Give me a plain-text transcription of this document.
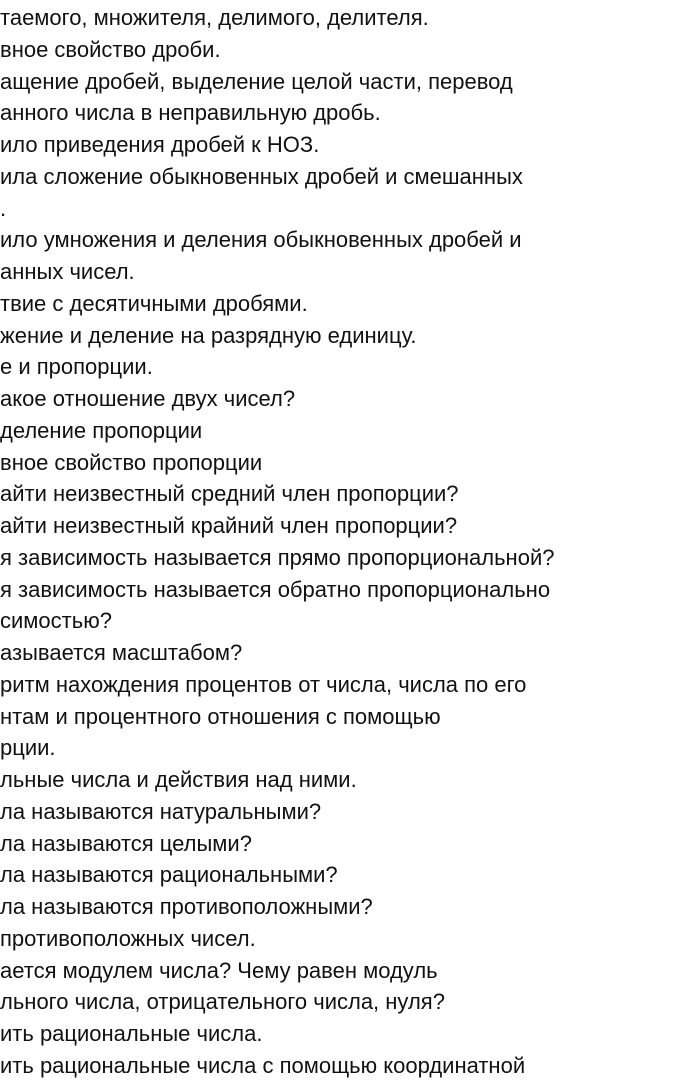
таемого, множителя, делимого, делителя.
вное свойство дроби.
ащение дробей, выделение целой части, перевод
анного числа в неправильную дробь.
ило приведения дробей к НОЗ.
ила сложение обыкновенных дробей и смешанных
.
ило умножения и деления обыкновенных дробей и
анных чисел.
твие с десятичными дробями.
жение и деление на разрядную единицу.
е и пропорции.
акое отношение двух чисел?
деление пропорции
вное свойство пропорции
айти неизвестный средний член пропорции?
айти неизвестный крайний член пропорции?
я зависимость называется прямо пропорциональной?
я зависимость называется обратно пропорционально
симостью?
азывается масштабом?
ритм нахождения процентов от числа, числа по его
нтам и процентного отношения с помощью
рции.
льные числа и действия над ними.
ла называются натуральными?
ла называются целыми?
ла называются рациональными?
ла называются противоположными?
противоположных чисел.
ается модулем числа? Чему равен модуль
льного числа, отрицательного числа, нуля?
ить рациональные числа.
ить рациональные числа с помощью координатной
